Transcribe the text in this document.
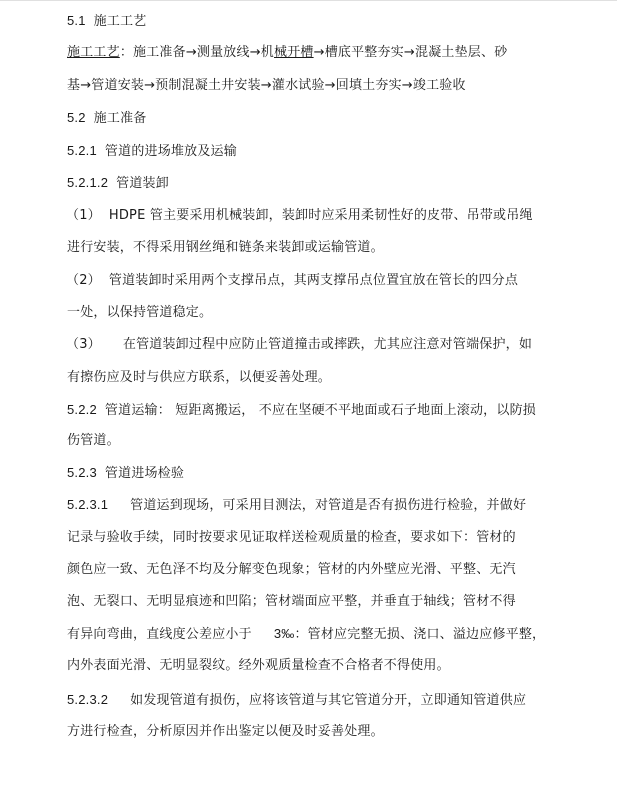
5.1 施工工艺
施工工艺：施工准备→测量放线→机械开槽→槽底平整夯实→混凝土垫层、砂
基→管道安装→预制混凝土井安装→灌水试验→回填土夯实→竣工验收
5.2 施工准备
5.2.1 管道的进场堆放及运输
5.2.1.2 管道装卸
（1） HDPE 管主要采用机械装卸，装卸时应采用柔韧性好的皮带、吊带或吊绳
进行安装，不得采用钢丝绳和链条来装卸或运输管道。
（2） 管道装卸时采用两个支撑吊点，其两支撑吊点位置宜放在管长的四分点
一处，以保持管道稳定。
（3） 在管道装卸过程中应防止管道撞击或摔跌，尤其应注意对管端保护，如
有擦伤应及时与供应方联系，以便妥善处理。
5.2.2 管道运输： 短距离搬运， 不应在坚硬不平地面或石子地面上滚动，以防损
伤管道。
5.2.3 管道进场检验
5.2.3.1 管道运到现场，可采用目测法，对管道是否有损伤进行检验，并做好
记录与验收手续，同时按要求见证取样送检观质量的检查，要求如下：管材的
颜色应一致、无色泽不均及分解变色现象；管材的内外壁应光滑、平整、无汽
泡、无裂口、无明显痕迹和凹陷；管材端面应平整，并垂直于轴线；管材不得
有异向弯曲，直线度公差应小于 3‰：管材应完整无损、浇口、溢边应修平整，
内外表面光滑、无明显裂纹。经外观质量检查不合格者不得使用。
5.2.3.2 如发现管道有损伤，应将该管道与其它管道分开，立即通知管道供应
方进行检查，分析原因并作出鉴定以便及时妥善处理。
